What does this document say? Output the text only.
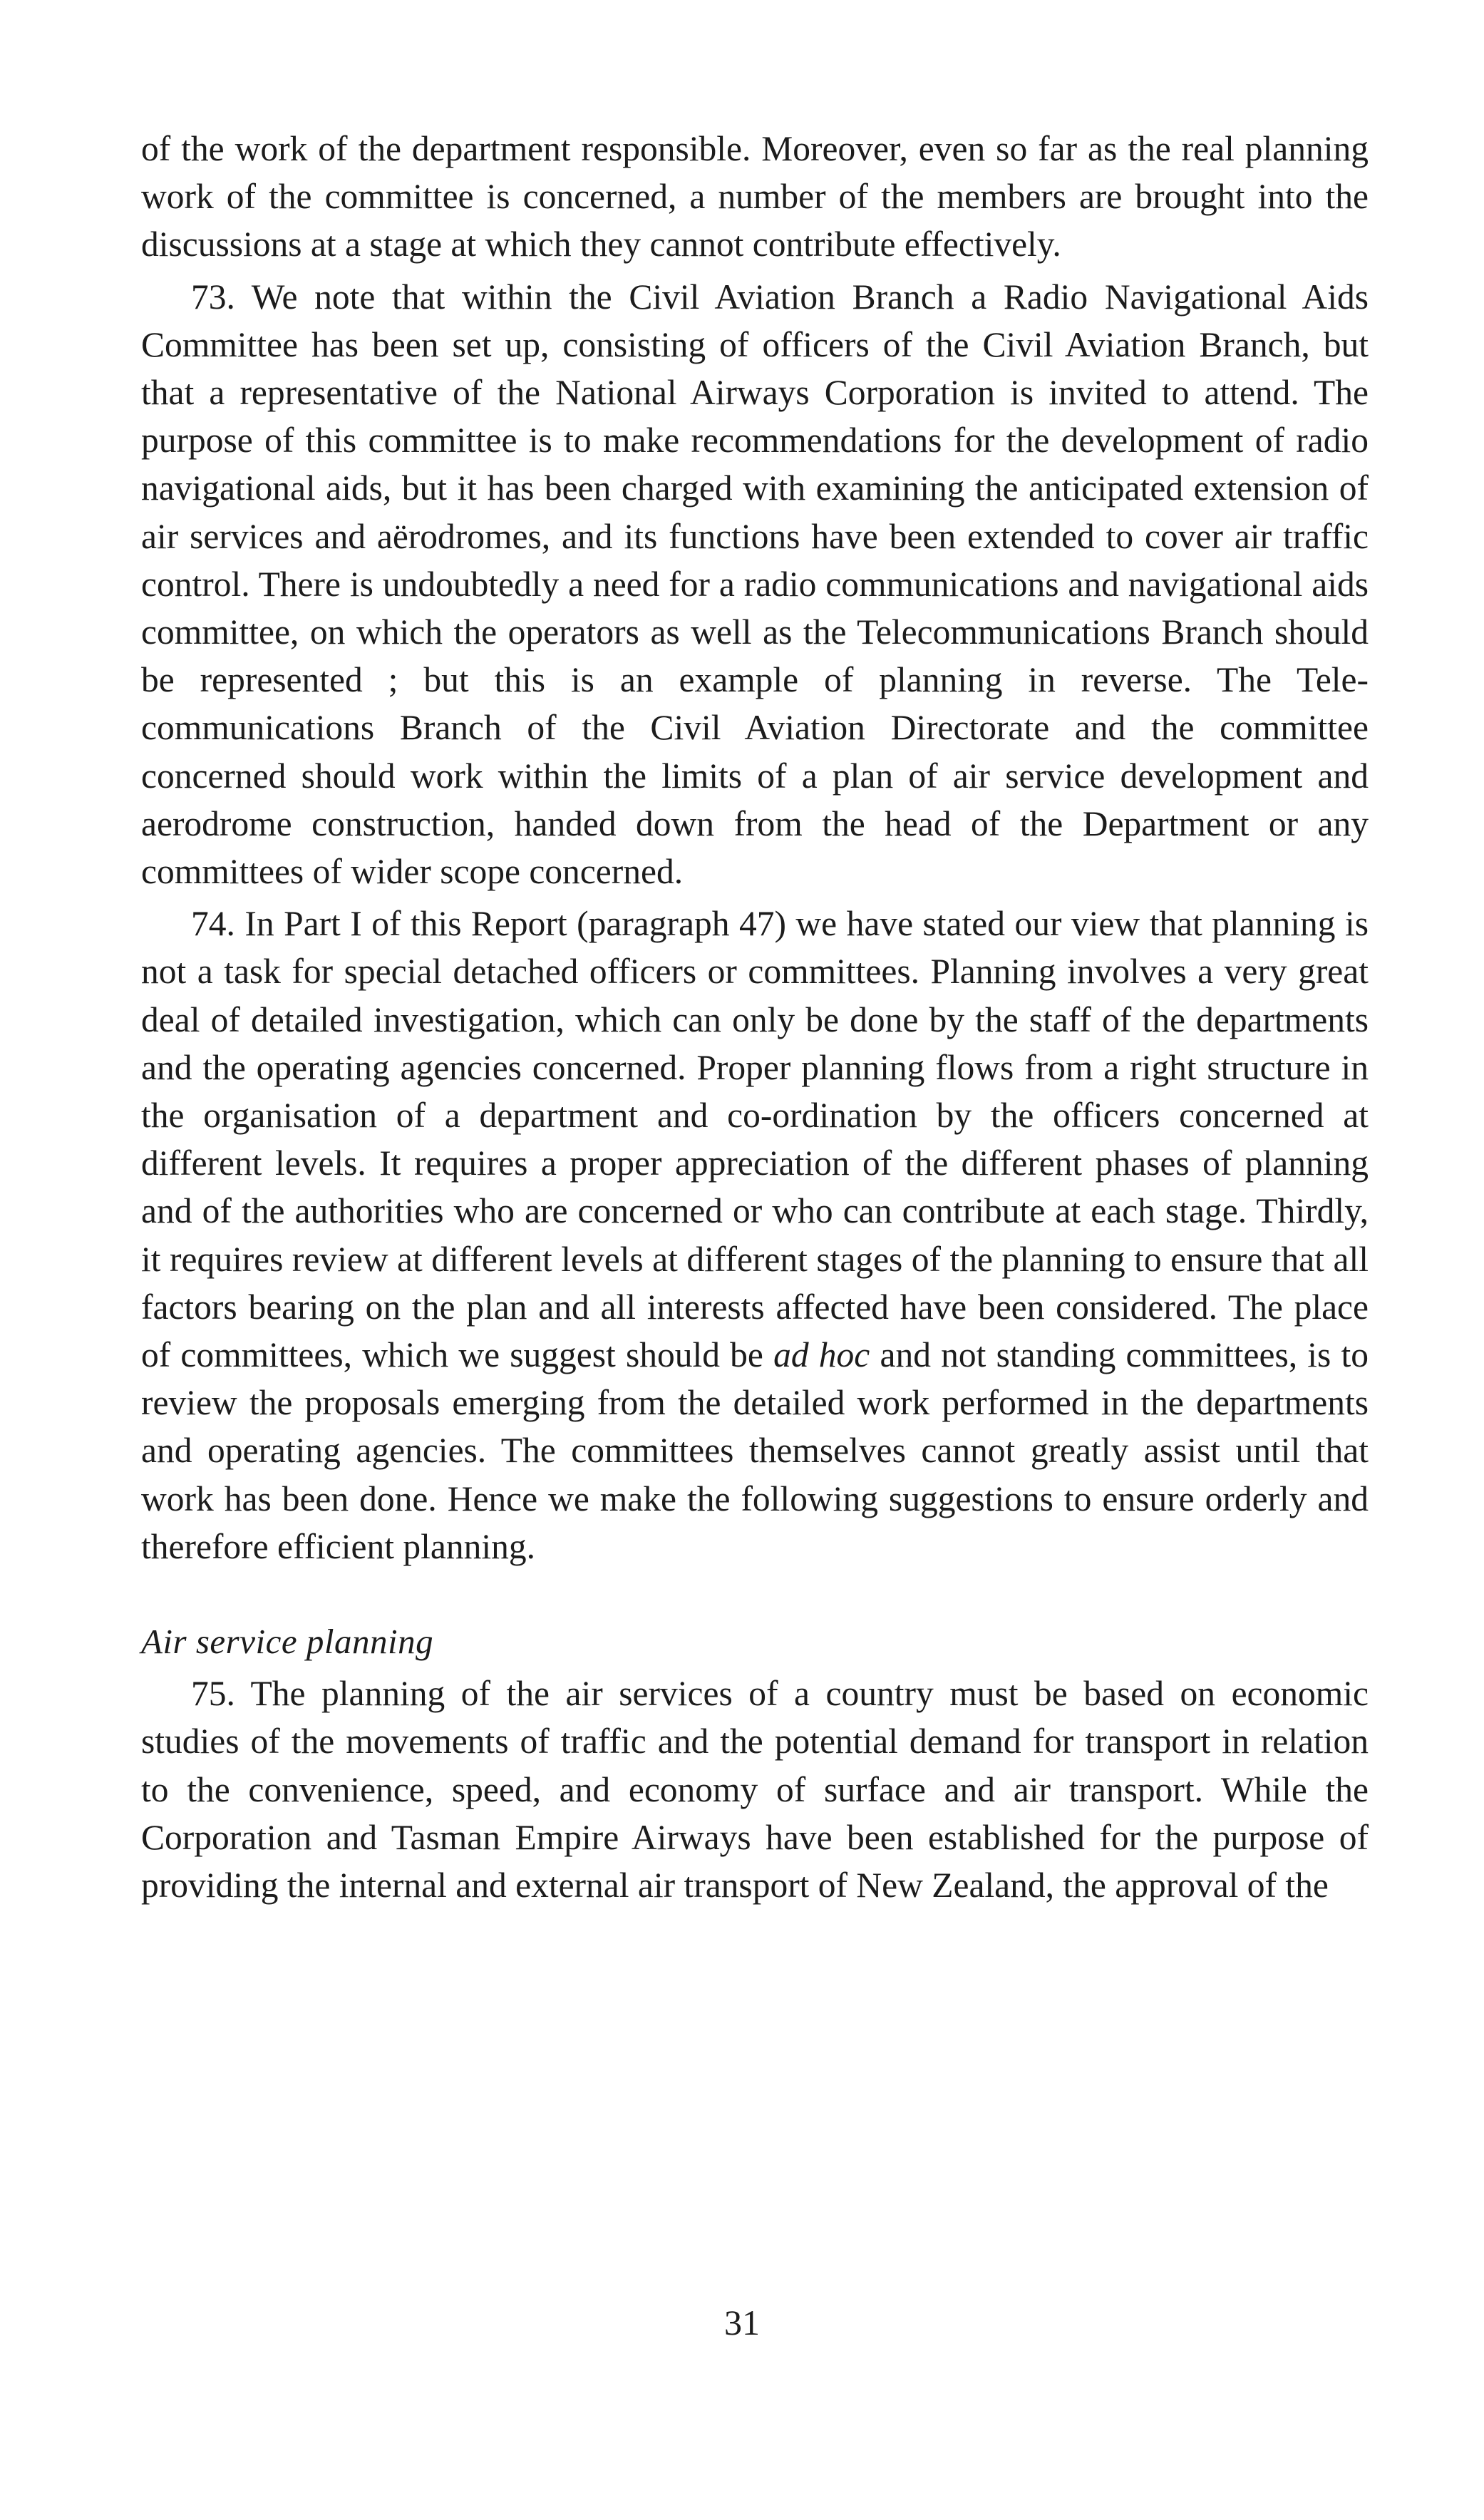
of the work of the department responsible. Moreover, even so far as the real planning work of the committee is concerned, a number of the members are brought into the discussions at a stage at which they cannot contribute effectively.

73. We note that within the Civil Aviation Branch a Radio Navigational Aids Committee has been set up, consisting of officers of the Civil Aviation Branch, but that a representative of the National Airways Corporation is invited to attend. The purpose of this committee is to make recommendations for the development of radio navigational aids, but it has been charged with examining the anticipated extension of air services and aërodromes, and its functions have been extended to cover air traffic control. There is undoubtedly a need for a radio communications and navigational aids committee, on which the operators as well as the Telecommunications Branch should be represented ; but this is an example of planning in reverse. The Telecommunications Branch of the Civil Aviation Directorate and the committee concerned should work within the limits of a plan of air service development and aerodrome construction, handed down from the head of the Department or any committees of wider scope concerned.

74. In Part I of this Report (paragraph 47) we have stated our view that planning is not a task for special detached officers or committees. Planning involves a very great deal of detailed investigation, which can only be done by the staff of the departments and the operating agencies concerned. Proper planning flows from a right structure in the organisation of a department and co-ordination by the officers concerned at different levels. It requires a proper appreciation of the different phases of planning and of the authorities who are concerned or who can contribute at each stage. Thirdly, it requires review at different levels at different stages of the planning to ensure that all factors bearing on the plan and all interests affected have been considered. The place of committees, which we suggest should be ad hoc and not standing committees, is to review the proposals emerging from the detailed work performed in the departments and operating agencies. The committees themselves cannot greatly assist until that work has been done. Hence we make the following suggestions to ensure orderly and therefore efficient planning.

Air service planning

75. The planning of the air services of a country must be based on economic studies of the movements of traffic and the potential demand for transport in relation to the convenience, speed, and economy of surface and air transport. While the Corporation and Tasman Empire Airways have been established for the purpose of providing the internal and external air transport of New Zealand, the approval of the

31
